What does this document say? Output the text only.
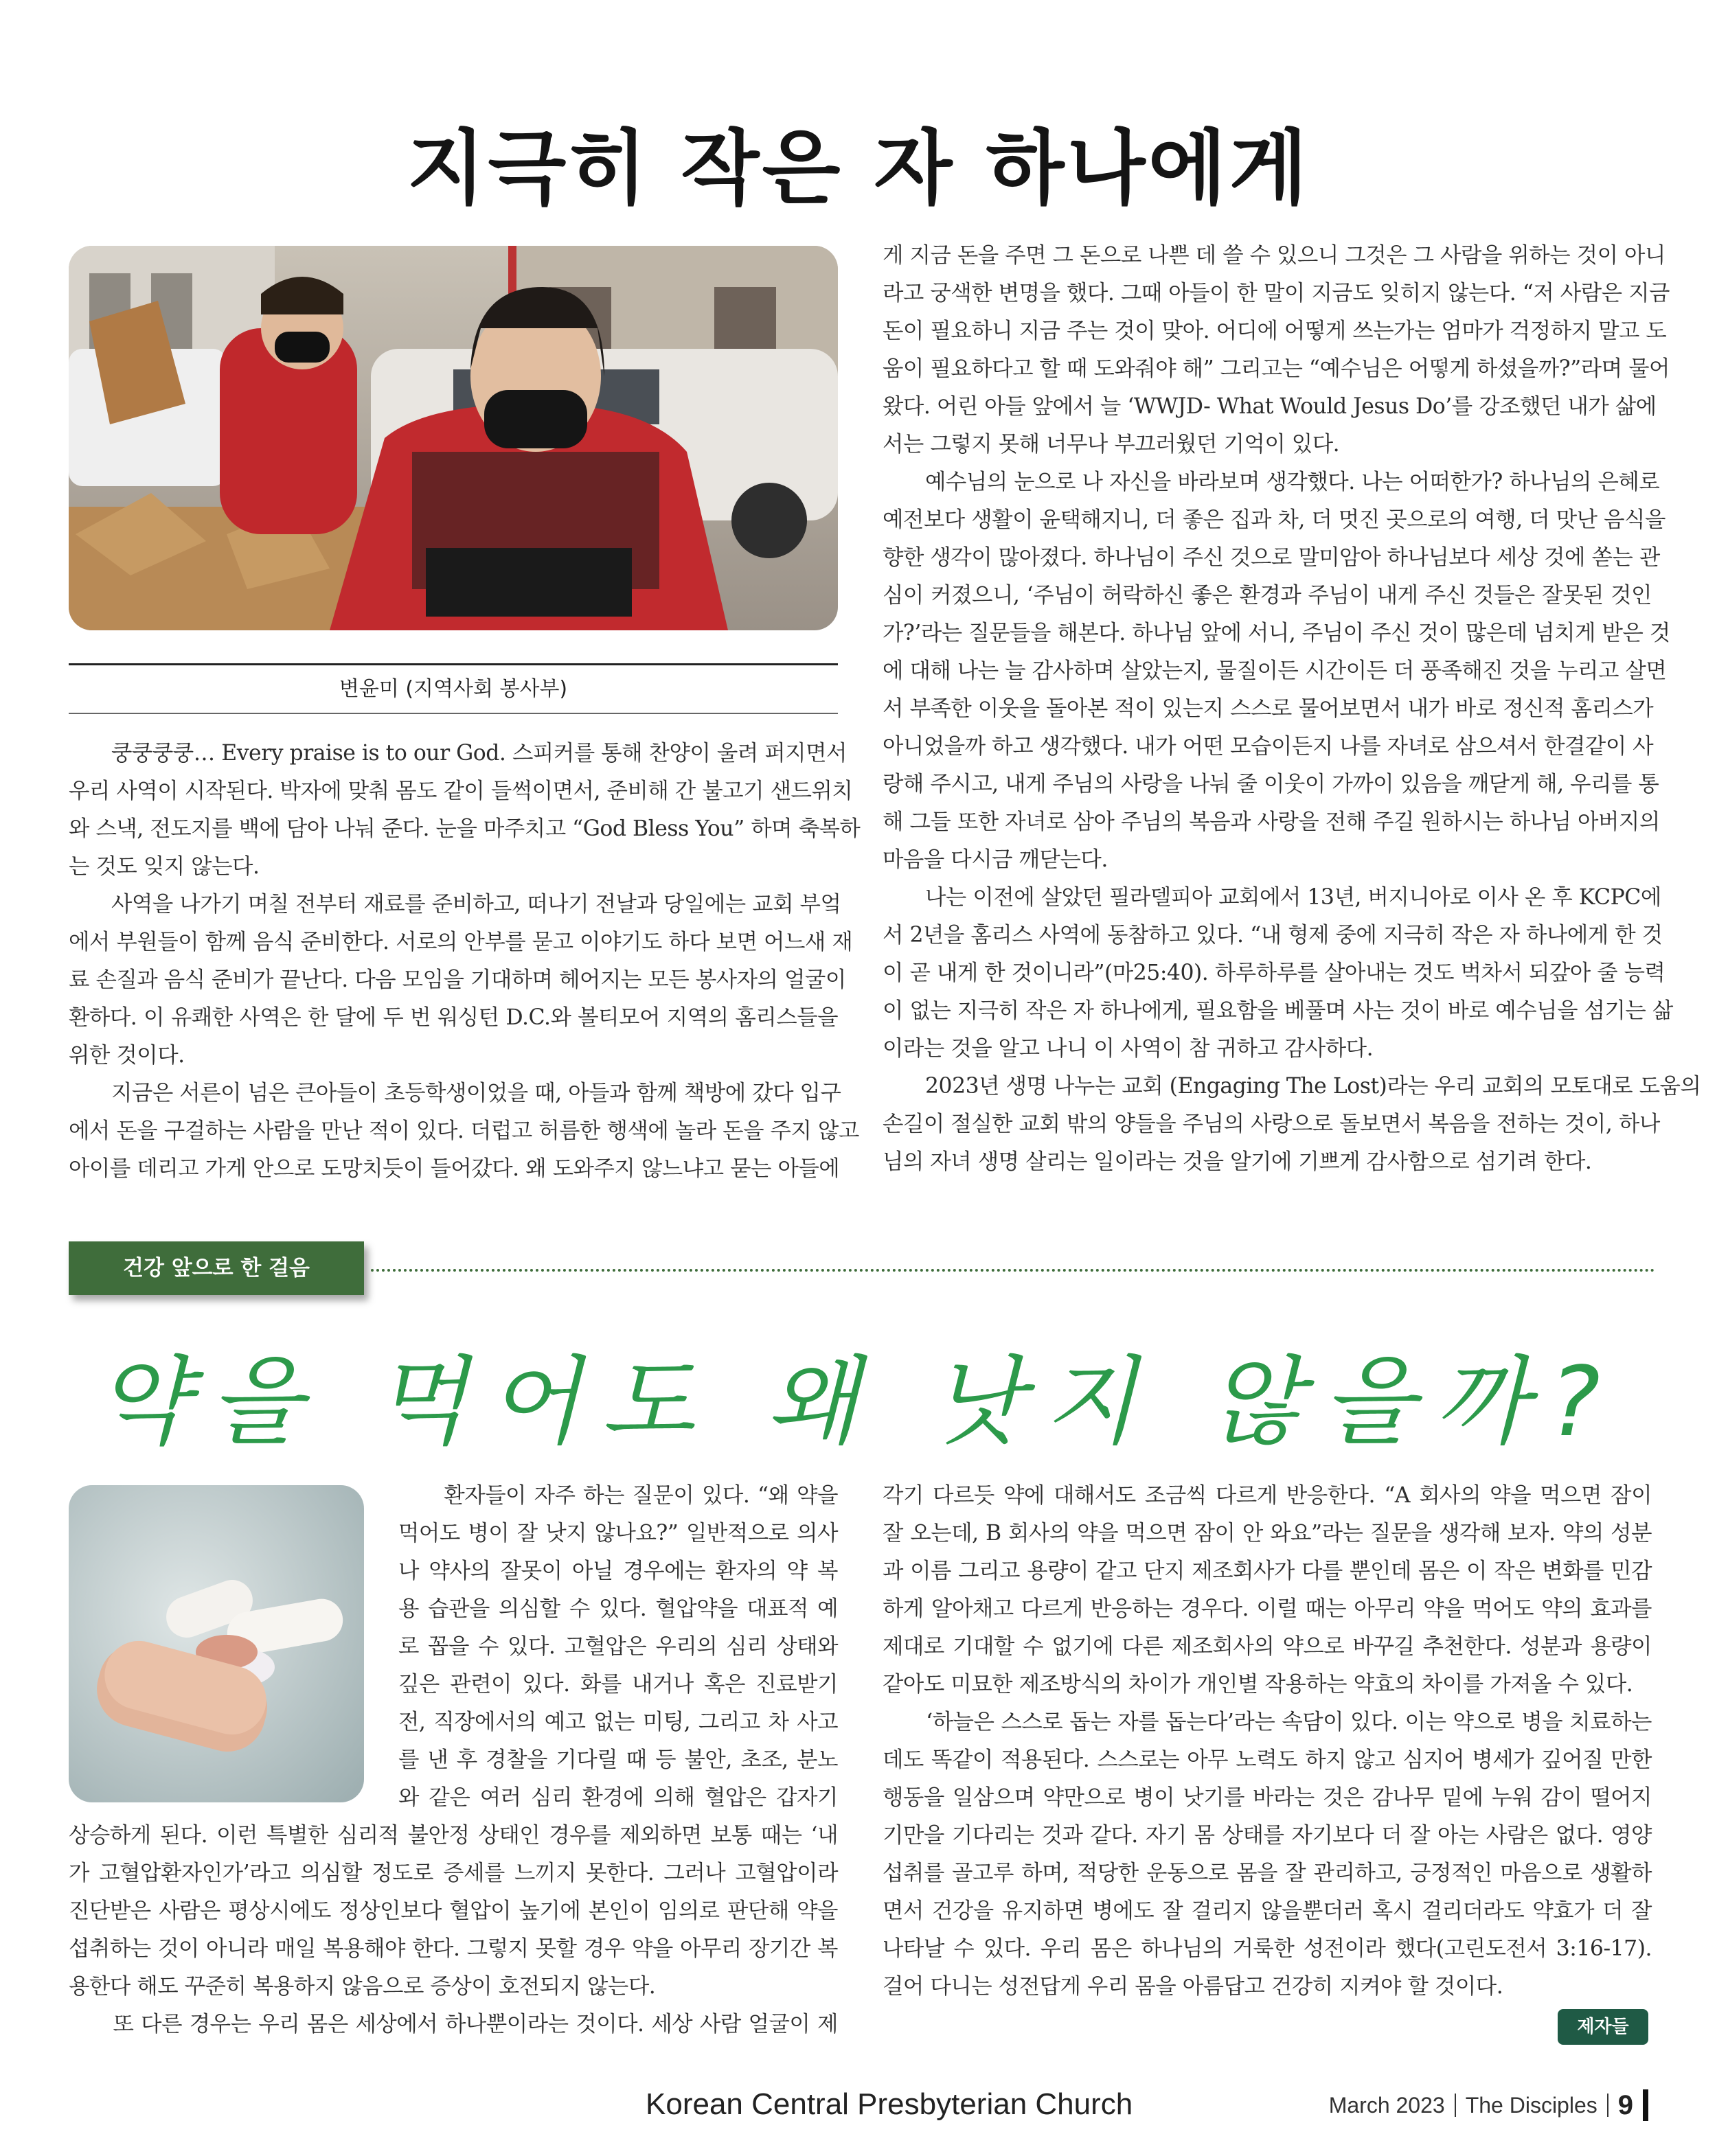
지극히 작은 자 하나에게
변윤미 (지역사회 봉사부)
　　쿵쿵쿵쿵… Every praise is to our God. 스피커를 통해 찬양이 울려 퍼지면서
우리 사역이 시작된다. 박자에 맞춰 몸도 같이 들썩이면서, 준비해 간 불고기 샌드위치
와 스낵, 전도지를 백에 담아 나눠 준다. 눈을 마주치고 “God Bless You” 하며 축복하
는 것도 잊지 않는다.
　　사역을 나가기 며칠 전부터 재료를 준비하고, 떠나기 전날과 당일에는 교회 부엌
에서 부원들이 함께 음식 준비한다. 서로의 안부를 묻고 이야기도 하다 보면 어느새 재
료 손질과 음식 준비가 끝난다. 다음 모임을 기대하며 헤어지는 모든 봉사자의 얼굴이
환하다. 이 유쾌한 사역은 한 달에 두 번 워싱턴 D.C.와 볼티모어 지역의 홈리스들을
위한 것이다.
　　지금은 서른이 넘은 큰아들이 초등학생이었을 때, 아들과 함께 책방에 갔다 입구
에서 돈을 구걸하는 사람을 만난 적이 있다. 더럽고 허름한 행색에 놀라 돈을 주지 않고
아이를 데리고 가게 안으로 도망치듯이 들어갔다. 왜 도와주지 않느냐고 묻는 아들에
게 지금 돈을 주면 그 돈으로 나쁜 데 쓸 수 있으니 그것은 그 사람을 위하는 것이 아니
라고 궁색한 변명을 했다. 그때 아들이 한 말이 지금도 잊히지 않는다. “저 사람은 지금
돈이 필요하니 지금 주는 것이 맞아. 어디에 어떻게 쓰는가는 엄마가 걱정하지 말고 도
움이 필요하다고 할 때 도와줘야 해” 그리고는 “예수님은 어떻게 하셨을까?”라며 물어
왔다. 어린 아들 앞에서 늘 ‘WWJD- What Would Jesus Do’를 강조했던 내가 삶에
서는 그렇지 못해 너무나 부끄러웠던 기억이 있다.
　　예수님의 눈으로 나 자신을 바라보며 생각했다. 나는 어떠한가? 하나님의 은혜로
예전보다 생활이 윤택해지니, 더 좋은 집과 차, 더 멋진 곳으로의 여행, 더 맛난 음식을
향한 생각이 많아졌다. 하나님이 주신 것으로 말미암아 하나님보다 세상 것에 쏟는 관
심이 커졌으니, ‘주님이 허락하신 좋은 환경과 주님이 내게 주신 것들은 잘못된 것인
가?’라는 질문들을 해본다. 하나님 앞에 서니, 주님이 주신 것이 많은데 넘치게 받은 것
에 대해 나는 늘 감사하며 살았는지, 물질이든 시간이든 더 풍족해진 것을 누리고 살면
서 부족한 이웃을 돌아본 적이 있는지 스스로 물어보면서 내가 바로 정신적 홈리스가
아니었을까 하고 생각했다. 내가 어떤 모습이든지 나를 자녀로 삼으셔서 한결같이 사
랑해 주시고, 내게 주님의 사랑을 나눠 줄 이웃이 가까이 있음을 깨닫게 해, 우리를 통
해 그들 또한 자녀로 삼아 주님의 복음과 사랑을 전해 주길 원하시는 하나님 아버지의
마음을 다시금 깨닫는다.
　　나는 이전에 살았던 필라델피아 교회에서 13년, 버지니아로 이사 온 후 KCPC에
서 2년을 홈리스 사역에 동참하고 있다. “내 형제 중에 지극히 작은 자 하나에게 한 것
이 곧 내게 한 것이니라”(마25:40). 하루하루를 살아내는 것도 벅차서 되갚아 줄 능력
이 없는 지극히 작은 자 하나에게, 필요함을 베풀며 사는 것이 바로 예수님을 섬기는 삶
이라는 것을 알고 나니 이 사역이 참 귀하고 감사하다.
　　2023년 생명 나누는 교회 (Engaging The Lost)라는 우리 교회의 모토대로 도움의
손길이 절실한 교회 밖의 양들을 주님의 사랑으로 돌보면서 복음을 전하는 것이, 하나
님의 자녀 생명 살리는 일이라는 것을 알기에 기쁘게 감사함으로 섬기려 한다.
건강 앞으로 한 걸음
약을 먹어도 왜 낫지 않을까?
　　환자들이 자주 하는 질문이 있다. “왜 약을
먹어도 병이 잘 낫지 않나요?” 일반적으로 의사
나 약사의 잘못이 아닐 경우에는 환자의 약 복
용 습관을 의심할 수 있다. 혈압약을 대표적 예
로 꼽을 수 있다. 고혈압은 우리의 심리 상태와
깊은 관련이 있다. 화를 내거나 혹은 진료받기
전, 직장에서의 예고 없는 미팅, 그리고 차 사고
를 낸 후 경찰을 기다릴 때 등 불안, 초조, 분노
와 같은 여러 심리 환경에 의해 혈압은 갑자기
상승하게 된다. 이런 특별한 심리적 불안정 상태인 경우를 제외하면 보통 때는 ‘내
가 고혈압환자인가’라고 의심할 정도로 증세를 느끼지 못한다. 그러나 고혈압이라
진단받은 사람은 평상시에도 정상인보다 혈압이 높기에 본인이 임의로 판단해 약을
섭취하는 것이 아니라 매일 복용해야 한다. 그렇지 못할 경우 약을 아무리 장기간 복
용한다 해도 꾸준히 복용하지 않음으로 증상이 호전되지 않는다.
　　또 다른 경우는 우리 몸은 세상에서 하나뿐이라는 것이다. 세상 사람 얼굴이 제
각기 다르듯 약에 대해서도 조금씩 다르게 반응한다. “A 회사의 약을 먹으면 잠이
잘 오는데, B 회사의 약을 먹으면 잠이 안 와요”라는 질문을 생각해 보자. 약의 성분
과 이름 그리고 용량이 같고 단지 제조회사가 다를 뿐인데 몸은 이 작은 변화를 민감
하게 알아채고 다르게 반응하는 경우다. 이럴 때는 아무리 약을 먹어도 약의 효과를
제대로 기대할 수 없기에 다른 제조회사의 약으로 바꾸길 추천한다. 성분과 용량이
같아도 미묘한 제조방식의 차이가 개인별 작용하는 약효의 차이를 가져올 수 있다.
　　‘하늘은 스스로 돕는 자를 돕는다’라는 속담이 있다. 이는 약으로 병을 치료하는
데도 똑같이 적용된다. 스스로는 아무 노력도 하지 않고 심지어 병세가 깊어질 만한
행동을 일삼으며 약만으로 병이 낫기를 바라는 것은 감나무 밑에 누워 감이 떨어지
기만을 기다리는 것과 같다. 자기 몸 상태를 자기보다 더 잘 아는 사람은 없다. 영양
섭취를 골고루 하며, 적당한 운동으로 몸을 잘 관리하고, 긍정적인 마음으로 생활하
면서 건강을 유지하면 병에도 잘 걸리지 않을뿐더러 혹시 걸리더라도 약효가 더 잘
나타날 수 있다. 우리 몸은 하나님의 거룩한 성전이라 했다(고린도전서 3:16-17).
걸어 다니는 성전답게 우리 몸을 아름답고 건강히 지켜야 할 것이다.
제자들
Korean Central Presbyterian Church	March 2023 The Disciples 9
